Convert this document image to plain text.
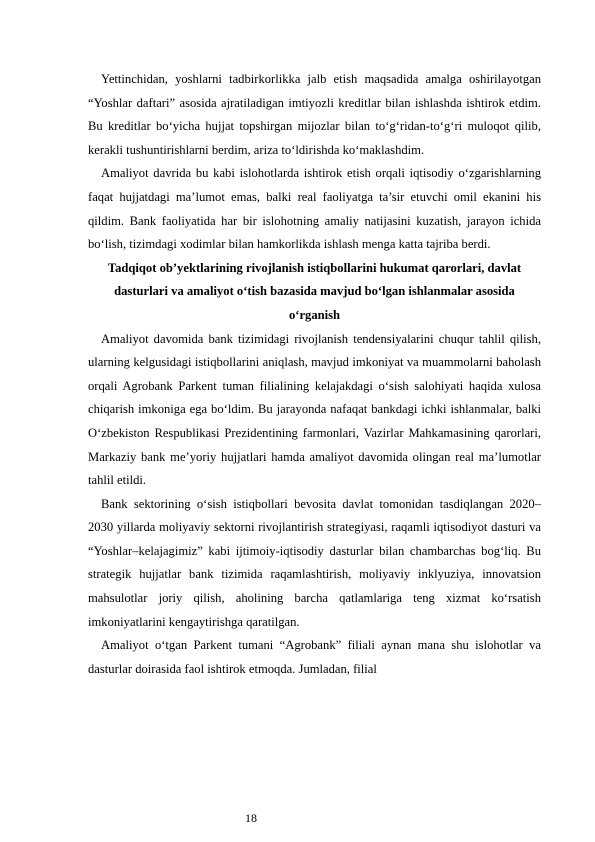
Yettinchidan, yoshlarni tadbirkorlikka jalb etish maqsadida amalga oshirilayotgan “Yoshlar daftari” asosida ajratiladigan imtiyozli kreditlar bilan ishlashda ishtirok etdim. Bu kreditlar bo‘yicha hujjat topshirgan mijozlar bilan to‘g‘ridan-to‘g‘ri muloqot qilib, kerakli tushuntirishlarni berdim, ariza to‘ldirishda ko‘maklashdim.

Amaliyot davrida bu kabi islohotlarda ishtirok etish orqali iqtisodiy o‘zgarishlarning faqat hujjatdagi ma’lumot emas, balki real faoliyatga ta’sir etuvchi omil ekanini his qildim. Bank faoliyatida har bir islohotning amaliy natijasini kuzatish, jarayon ichida bo‘lish, tizimdagi xodimlar bilan hamkorlikda ishlash menga katta tajriba berdi.

Tadqiqot ob’yektlarining rivojlanish istiqbollarini hukumat qarorlari, davlat dasturlari va amaliyot o‘tish bazasida mavjud bo‘lgan ishlanmalar asosida o‘rganish

Amaliyot davomida bank tizimidagi rivojlanish tendensiyalarini chuqur tahlil qilish, ularning kelgusidagi istiqbollarini aniqlash, mavjud imkoniyat va muammolarni baholash orqali Agrobank Parkent tuman filialining kelajakdagi o‘sish salohiyati haqida xulosa chiqarish imkoniga ega bo‘ldim. Bu jarayonda nafaqat bankdagi ichki ishlanmalar, balki O‘zbekiston Respublikasi Prezidentining farmonlari, Vazirlar Mahkamasining qarorlari, Markaziy bank me’yoriy hujjatlari hamda amaliyot davomida olingan real ma’lumotlar tahlil etildi.

Bank sektorining o‘sish istiqbollari bevosita davlat tomonidan tasdiqlangan 2020–2030 yillarda moliyaviy sektorni rivojlantirish strategiyasi, raqamli iqtisodiyot dasturi va “Yoshlar–kelajagimiz” kabi ijtimoiy-iqtisodiy dasturlar bilan chambarchas bog‘liq. Bu strategik hujjatlar bank tizimida raqamlashtirish, moliyaviy inklyuziya, innovatsion mahsulotlar joriy qilish, aholining barcha qatlamlariga teng xizmat ko‘rsatish imkoniyatlarini kengaytirishga qaratilgan.

Amaliyot o‘tgan Parkent tumani “Agrobank” filiali aynan mana shu islohotlar va dasturlar doirasida faol ishtirok etmoqda. Jumladan, filial

18
